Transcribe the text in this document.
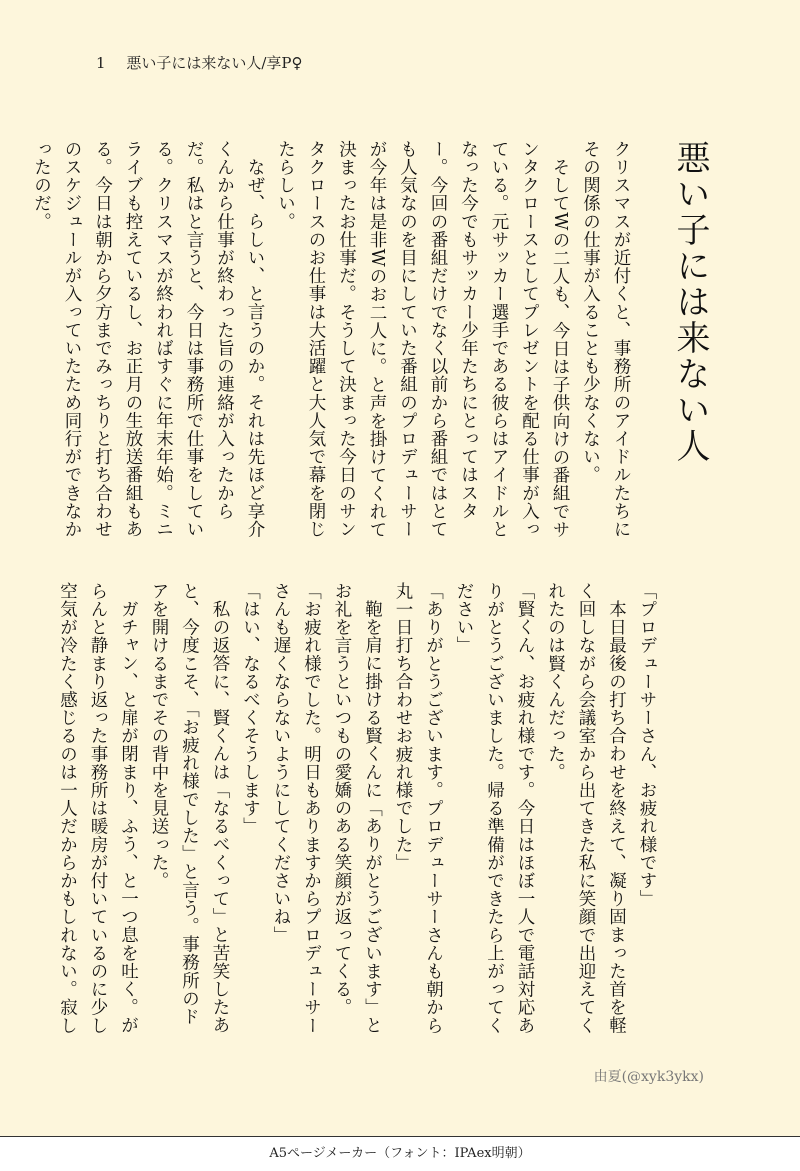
1 悪い子には来ない人/享P♀
悪い子には来ない人

クリスマスが近付くと、事務所のアイドルたちにその関係の仕事が入ることも少なくない。

そしてWの二人も、今日は子供向けの番組でサンタクロースとしてプレゼントを配る仕事が入っている。元サッカー選手である彼らはアイドルとなった今でもサッカー少年たちにとってはスター。今回の番組だけでなく以前から番組ではとても人気なのを目にしていた番組のプロデューサーが今年は是非Wのお二人に。と声を掛けてくれて決まったお仕事だ。そうして決まった今日のサンタクロースのお仕事は大活躍と大人気で幕を閉じたらしい。

なぜ、らしい、と言うのか。それは先ほど享介くんから仕事が終わった旨の連絡が入ったからだ。私はと言うと、今日は事務所で仕事をしている。クリスマスが終わればすぐに年末年始。ミニライブも控えているし、お正月の生放送番組もある。今日は朝から夕方までみっちりと打ち合わせのスケジュールが入っていたため同行ができなかったのだ。

「プロデューサーさん、お疲れ様です」

本日最後の打ち合わせを終えて、凝り固まった首を軽く回しながら会議室から出てきた私に笑顔で出迎えてくれたのは賢くんだった。

「賢くん、お疲れ様です。今日はほぼ一人で電話対応ありがとうございました。帰る準備ができたら上がってください」

「ありがとうございます。プロデューサーさんも朝から丸一日打ち合わせお疲れ様でした」

鞄を肩に掛ける賢くんに「ありがとうございます」とお礼を言うといつもの愛嬌のある笑顔が返ってくる。

「お疲れ様でした。明日もありますからプロデューサーさんも遅くならないようにしてくださいね」

「はい、なるべくそうします」

私の返答に、賢くんは「なるべくって」と苦笑したあと、今度こそ、「お疲れ様でした」と言う。事務所のドアを開けるまでその背中を見送った。

ガチャン、と扉が閉まり、ふう、と一つ息を吐く。がらんと静まり返った事務所は暖房が付いているのに少し空気が冷たく感じるのは一人だからかもしれない。寂し

由夏(@xyk3ykx)
A5ページメーカー（フォント：IPAex明朝）
